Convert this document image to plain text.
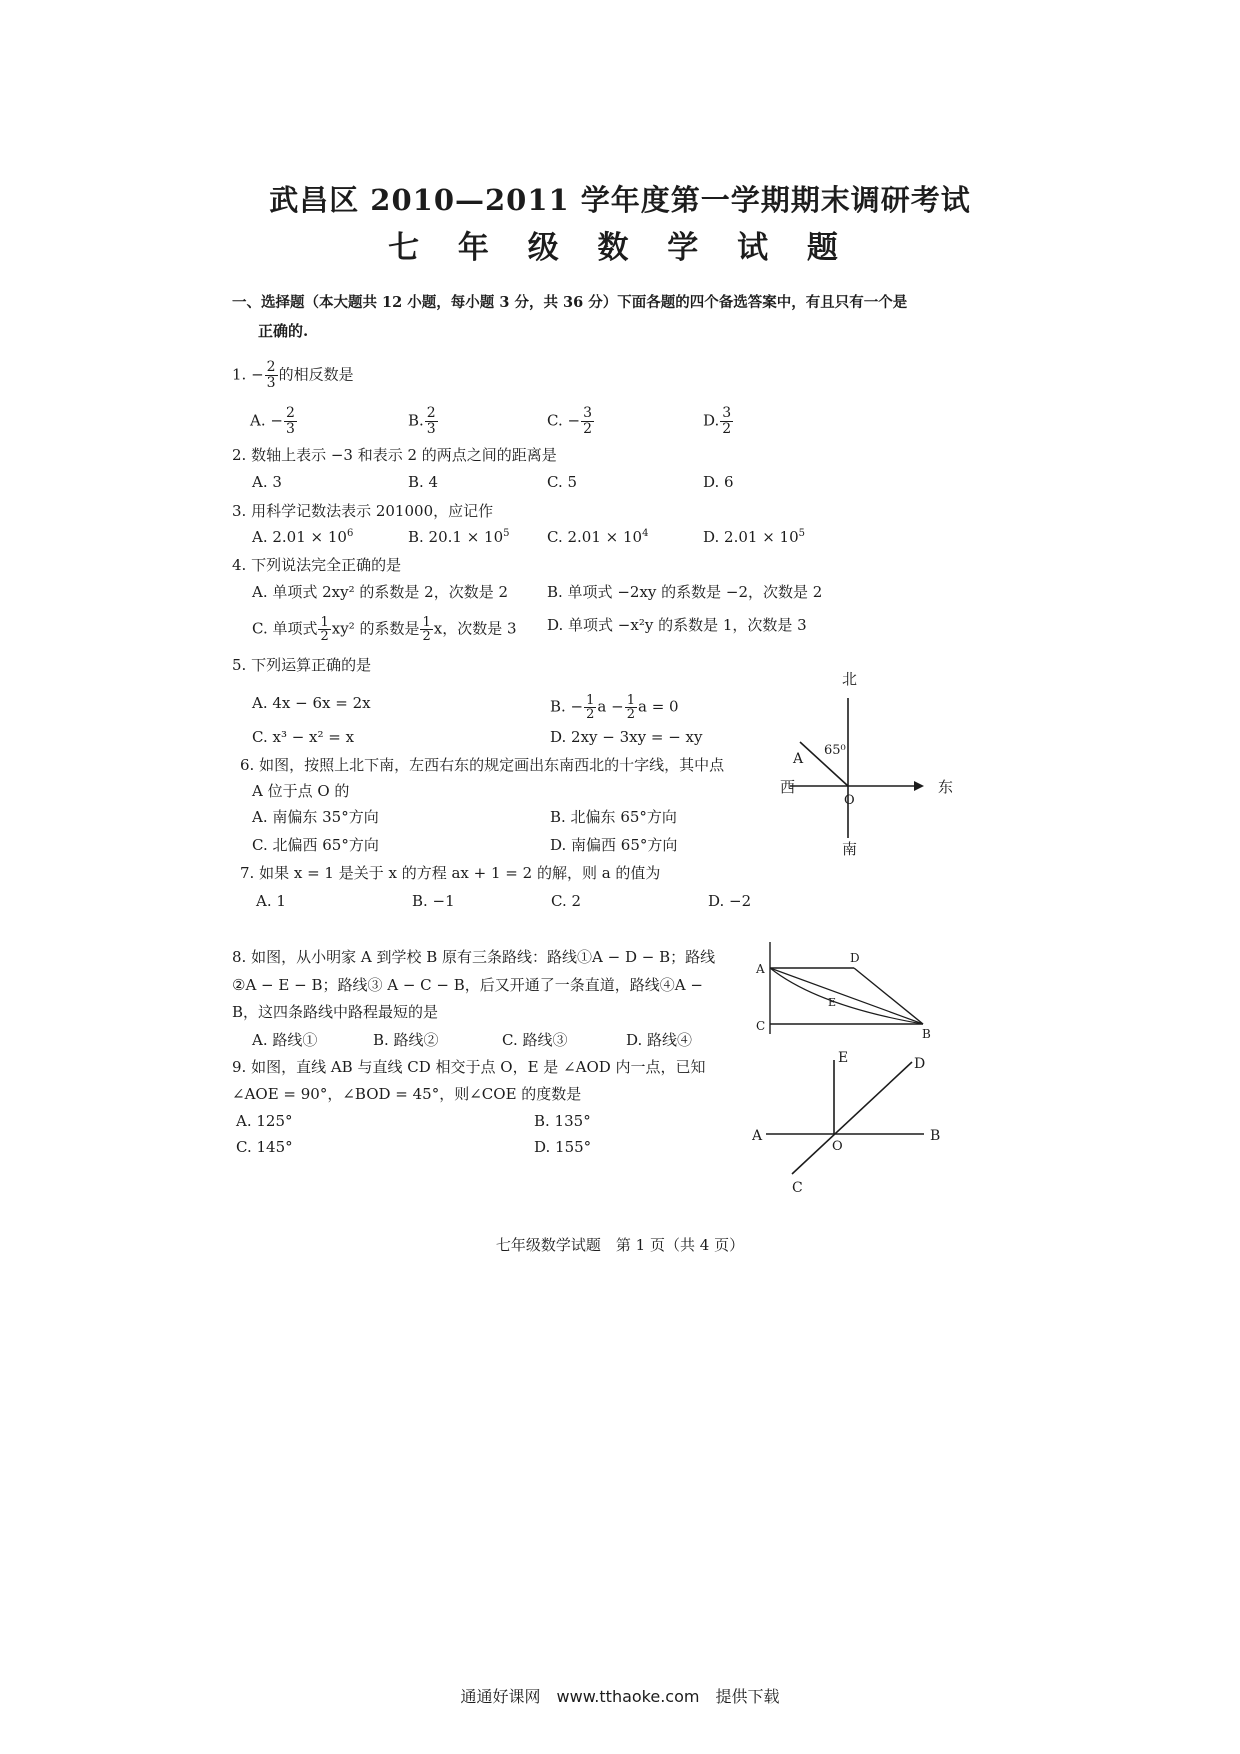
武昌区 2010—2011 学年度第一学期期末调研考试
七 年 级 数 学 试 题
一、选择题（本大题共 12 小题，每小题 3 分，共 36 分）下面各题的四个备选答案中，有且只有一个是
正确的.
1. − $\frac{2}{3}$ 的相反数是
A. − $\frac{2}{3}$	B. $\frac{2}{3}$	C. − $\frac{3}{2}$	D. $\frac{3}{2}$
2. 数轴上表示 −3 和表示 2 的两点之间的距离是
A. 3	B. 4	C. 5	D. 6
3. 用科学记数法表示 201000，应记作
A. $2.01 \times 10^6$	B. $20.1 \times 10^5$ C. $2.01 \times 10^4$	D. $2.01 \times 10^5$
4. 下列说法完全正确的是
A. 单项式 2xy² 的系数是 2，次数是 2	B. 单项式 −2xy 的系数是 −2，次数是 2
C. 单项式 $\frac{1}{2} xy^2$ 的系数是 $\frac{1}{2}$ x，次数是 3 D. 单项式 −x²y 的系数是 1，次数是 3
5. 下列运算正确的是
A. 4x − 6x = 2x	B. − $\frac{1}{2}$ $a - \frac{1}{2}$ a = 0
C. x³ − x² = x	D. 2xy − 3xy = − xy
6. 如图，按照上北下南，左西右东的规定画出东南西北的十字线，其中点
A 位于点 O 的
A. 南偏东 35°方向	B. 北偏东 65°方向
C. 北偏西 65°方向	D. 南偏西 65°方向
7. 如果 x = 1 是关于 x 的方程 ax + 1 = 2 的解，则 a 的值为
A. 1	B. −1	C. 2	D. −2
8. 如图，从小明家 A 到学校 B 原有三条路线：路线①A − D − B；路线
②A − E − B；路线③ A − C − B，后又开通了一条直道，路线④A −
B，这四条路线中路程最短的是
A. 路线①	B. 路线②	C. 路线③	D. 路线④
9. 如图，直线 AB 与直线 CD 相交于点 O，E 是 ∠AOD 内一点，已知
∠AOE = 90°，∠BOD = 45°，则∠COE 的度数是
A. 125°	B. 135°
C. 145°	D. 155°
北
南
东
西
A
O
65⁰
A
B
C
D
E
A	B
C
D
E
O
七年级数学试题　第 1 页（共 4 页）
通通好课网　www.tthaoke.com　提供下载
